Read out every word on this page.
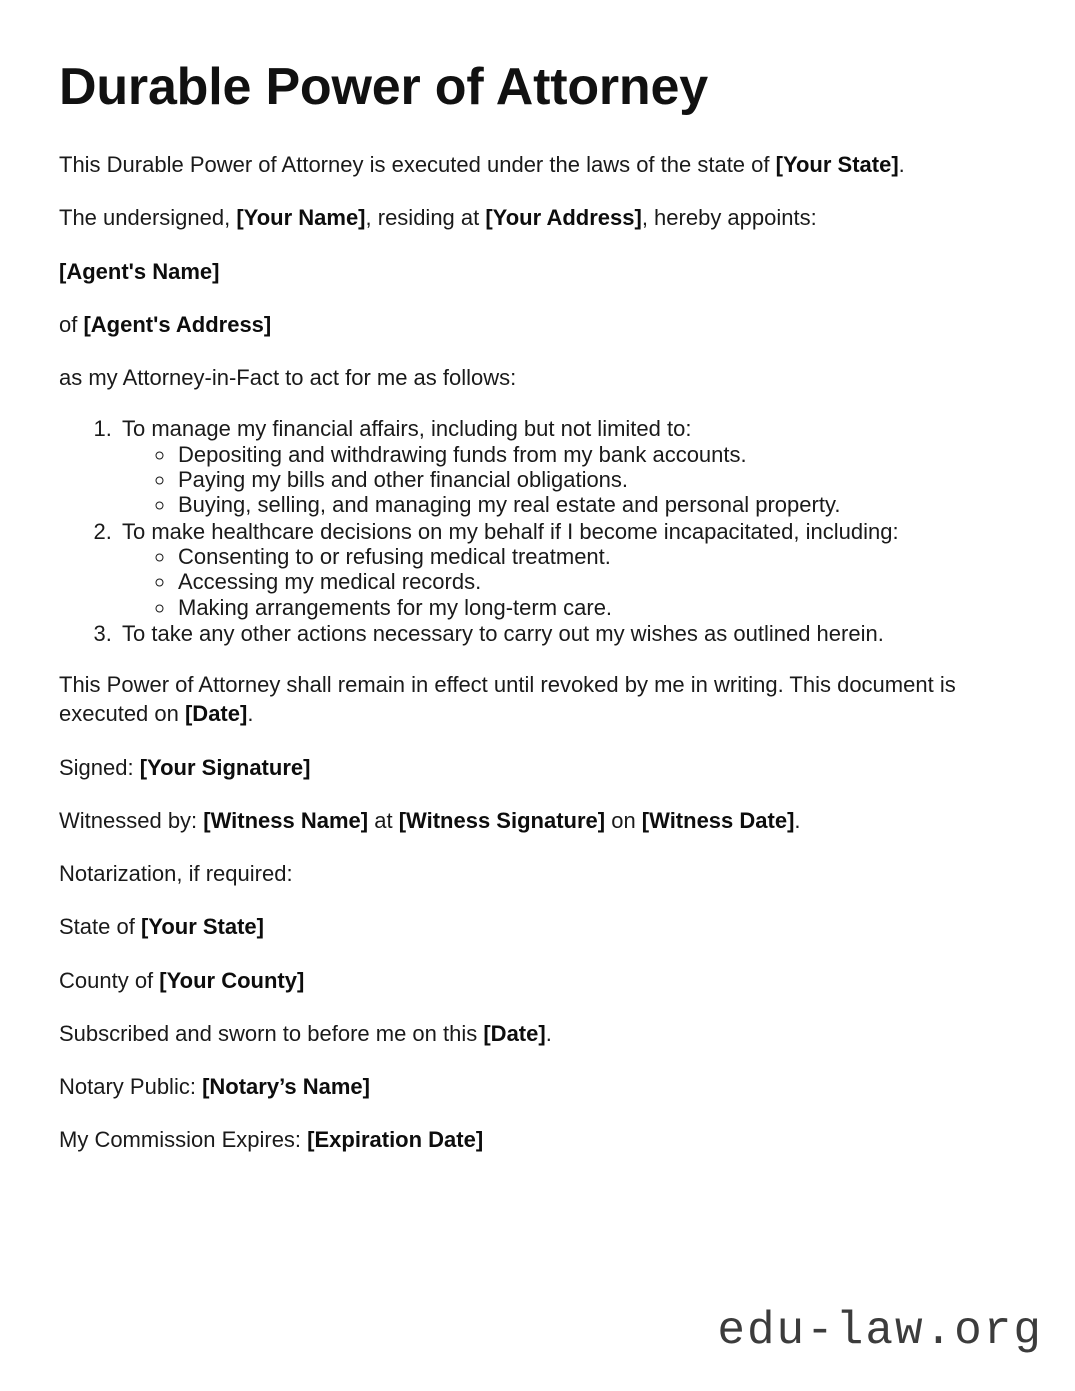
Durable Power of Attorney

This Durable Power of Attorney is executed under the laws of the state of [Your State].

The undersigned, [Your Name], residing at [Your Address], hereby appoints:

[Agent's Name]

of [Agent's Address]

as my Attorney-in-Fact to act for me as follows:

1. To manage my financial affairs, including but not limited to:
◦ Depositing and withdrawing funds from my bank accounts.
◦ Paying my bills and other financial obligations.
◦ Buying, selling, and managing my real estate and personal property.
2. To make healthcare decisions on my behalf if I become incapacitated, including:
◦ Consenting to or refusing medical treatment.
◦ Accessing my medical records.
◦ Making arrangements for my long-term care.
3. To take any other actions necessary to carry out my wishes as outlined herein.

This Power of Attorney shall remain in effect until revoked by me in writing. This document is executed on [Date].

Signed: [Your Signature]

Witnessed by: [Witness Name] at [Witness Signature] on [Witness Date].

Notarization, if required:

State of [Your State]

County of [Your County]

Subscribed and sworn to before me on this [Date].

Notary Public: [Notary’s Name]

My Commission Expires: [Expiration Date]

edu-law.org
